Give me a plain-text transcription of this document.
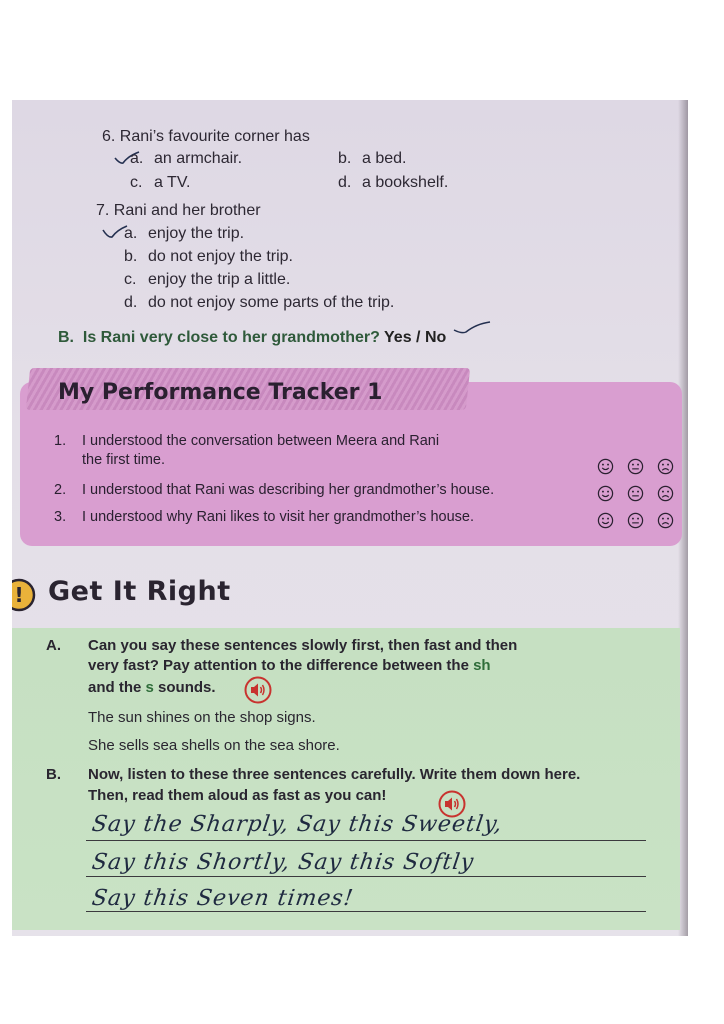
6. Rani’s favourite corner has
a. an armchair.	b. a bed.
c. a TV.	d. a bookshelf.
7. Rani and her brother
a. enjoy the trip.
b. do not enjoy the trip.
c. enjoy the trip a little.
d. do not enjoy some parts of the trip.
B. Is Rani very close to her grandmother? Yes / No
My Performance Tracker 1
1. I understood the conversation between Meera and Rani
the first time.
2. I understood that Rani was describing her grandmother’s house.
3. I understood why Rani likes to visit her grandmother’s house.
! Get It Right
A. Can you say these sentences slowly first, then fast and then
very fast? Pay attention to the difference between the sh
and the s sounds.
The sun shines on the shop signs.
She sells sea shells on the sea shore.
B. Now, listen to these three sentences carefully. Write them down here.
Then, read them aloud as fast as you can!
Say the Sharply, Say this Sweetly,
Say this Shortly, Say this Softly
Say this Seven times!
